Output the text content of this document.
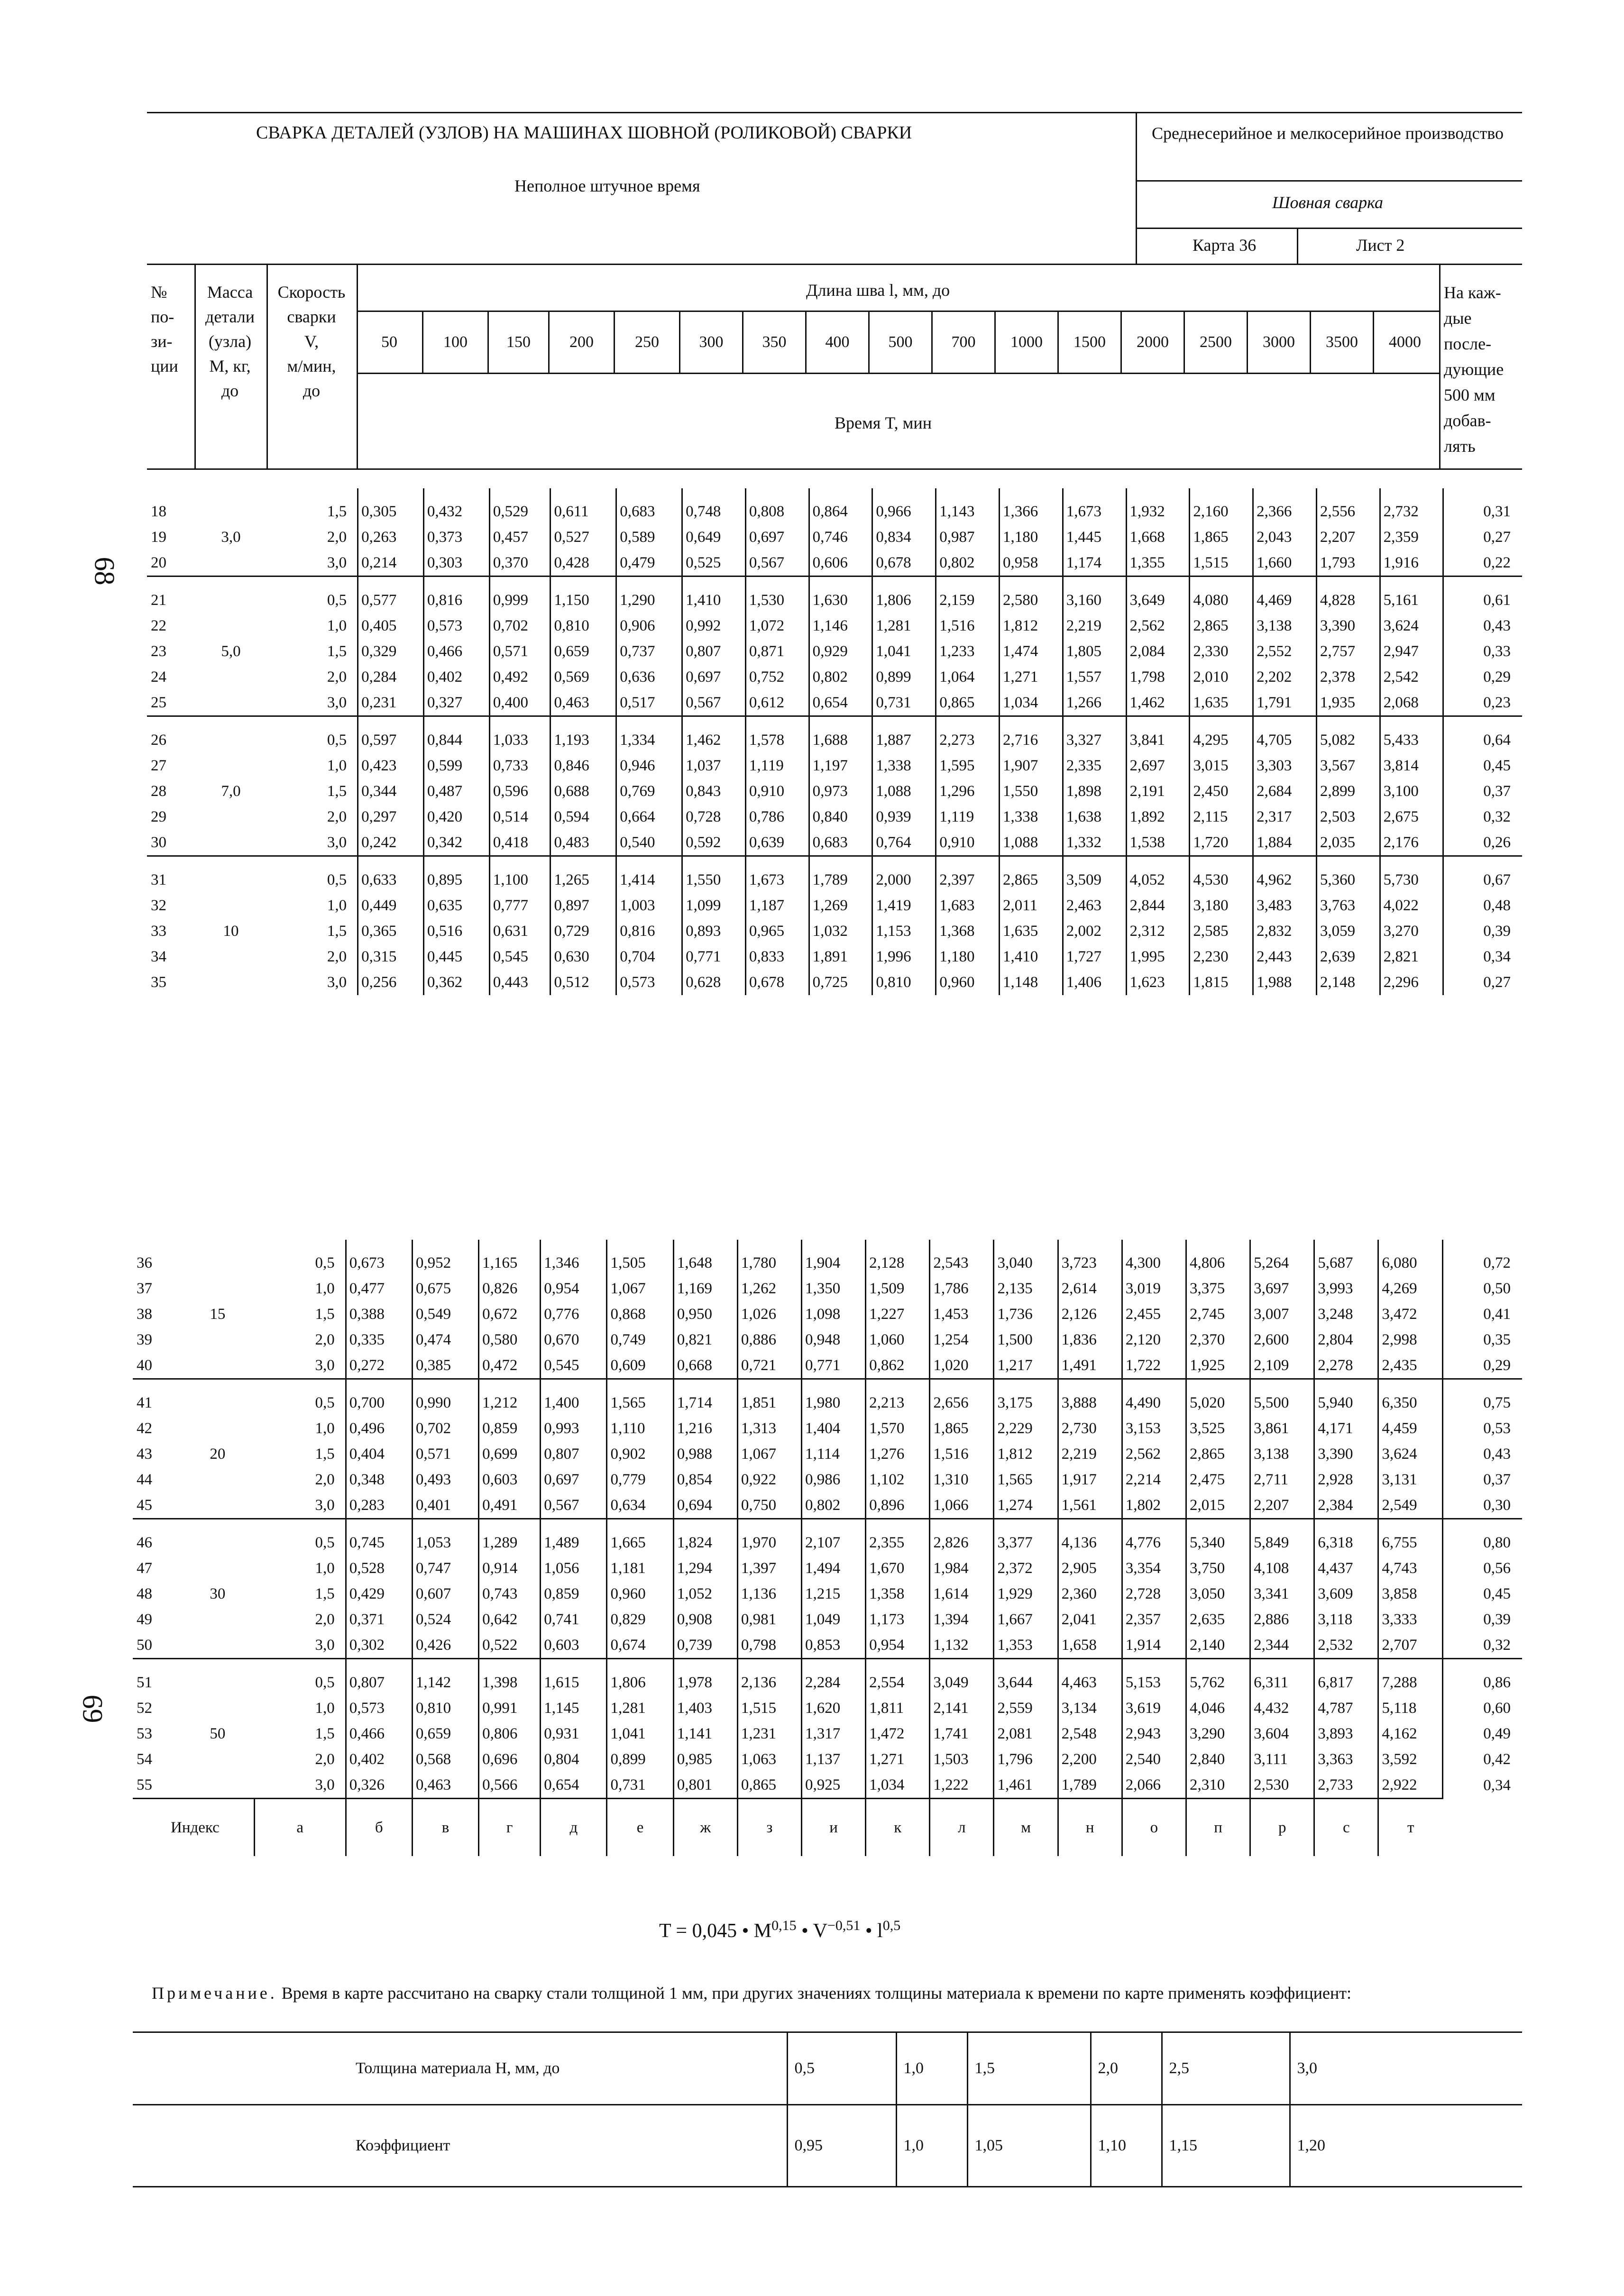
СВАРКА ДЕТАЛЕЙ (УЗЛОВ) НА МАШИНАХ ШОВНОЙ (РОЛИКОВОЙ) СВАРКИ
Неполное штучное время
Среднесерийное и мелкосерийное производство
Шовная сварка
Карта 36	Лист 2
№
по-
зи-
ции
Масса
детали
(узла)
М, кг,
до
Скорость
сварки
V,
м/мин,
до
Длина шва l, мм, до
50	100	150	200	250	300	350	400	500	700	1000	1500	2000	2500	3000	3500	4000
Время T, мин
На каж-
дые
после-
дующие
500 мм
добав-
лять

18		1,5	0,305	0,432	0,529	0,611	0,683	0,748	0,808	0,864	0,966	1,143	1,366	1,673	1,932	2,160	2,366	2,556	2,732	0,31
19	3,0	2,0	0,263	0,373	0,457	0,527	0,589	0,649	0,697	0,746	0,834	0,987	1,180	1,445	1,668	1,865	2,043	2,207	2,359	0,27
20		3,0	0,214	0,303	0,370	0,428	0,479	0,525	0,567	0,606	0,678	0,802	0,958	1,174	1,355	1,515	1,660	1,793	1,916	0,22

21		0,5	0,577	0,816	0,999	1,150	1,290	1,410	1,530	1,630	1,806	2,159	2,580	3,160	3,649	4,080	4,469	4,828	5,161	0,61
22		1,0	0,405	0,573	0,702	0,810	0,906	0,992	1,072	1,146	1,281	1,516	1,812	2,219	2,562	2,865	3,138	3,390	3,624	0,43
23	5,0	1,5	0,329	0,466	0,571	0,659	0,737	0,807	0,871	0,929	1,041	1,233	1,474	1,805	2,084	2,330	2,552	2,757	2,947	0,33
24		2,0	0,284	0,402	0,492	0,569	0,636	0,697	0,752	0,802	0,899	1,064	1,271	1,557	1,798	2,010	2,202	2,378	2,542	0,29
25		3,0	0,231	0,327	0,400	0,463	0,517	0,567	0,612	0,654	0,731	0,865	1,034	1,266	1,462	1,635	1,791	1,935	2,068	0,23

26		0,5	0,597	0,844	1,033	1,193	1,334	1,462	1,578	1,688	1,887	2,273	2,716	3,327	3,841	4,295	4,705	5,082	5,433	0,64
27		1,0	0,423	0,599	0,733	0,846	0,946	1,037	1,119	1,197	1,338	1,595	1,907	2,335	2,697	3,015	3,303	3,567	3,814	0,45
28	7,0	1,5	0,344	0,487	0,596	0,688	0,769	0,843	0,910	0,973	1,088	1,296	1,550	1,898	2,191	2,450	2,684	2,899	3,100	0,37
29		2,0	0,297	0,420	0,514	0,594	0,664	0,728	0,786	0,840	0,939	1,119	1,338	1,638	1,892	2,115	2,317	2,503	2,675	0,32
30		3,0	0,242	0,342	0,418	0,483	0,540	0,592	0,639	0,683	0,764	0,910	1,088	1,332	1,538	1,720	1,884	2,035	2,176	0,26

31		0,5	0,633	0,895	1,100	1,265	1,414	1,550	1,673	1,789	2,000	2,397	2,865	3,509	4,052	4,530	4,962	5,360	5,730	0,67
32		1,0	0,449	0,635	0,777	0,897	1,003	1,099	1,187	1,269	1,419	1,683	2,011	2,463	2,844	3,180	3,483	3,763	4,022	0,48
33	10	1,5	0,365	0,516	0,631	0,729	0,816	0,893	0,965	1,032	1,153	1,368	1,635	2,002	2,312	2,585	2,832	3,059	3,270	0,39
34		2,0	0,315	0,445	0,545	0,630	0,704	0,771	0,833	1,891	1,996	1,180	1,410	1,727	1,995	2,230	2,443	2,639	2,821	0,34
35		3,0	0,256	0,362	0,443	0,512	0,573	0,628	0,678	0,725	0,810	0,960	1,148	1,406	1,623	1,815	1,988	2,148	2,296	0,27
68
69

36		0,5	0,673	0,952	1,165	1,346	1,505	1,648	1,780	1,904	2,128	2,543	3,040	3,723	4,300	4,806	5,264	5,687	6,080	0,72
37		1,0	0,477	0,675	0,826	0,954	1,067	1,169	1,262	1,350	1,509	1,786	2,135	2,614	3,019	3,375	3,697	3,993	4,269	0,50
38	15	1,5	0,388	0,549	0,672	0,776	0,868	0,950	1,026	1,098	1,227	1,453	1,736	2,126	2,455	2,745	3,007	3,248	3,472	0,41
39		2,0	0,335	0,474	0,580	0,670	0,749	0,821	0,886	0,948	1,060	1,254	1,500	1,836	2,120	2,370	2,600	2,804	2,998	0,35
40		3,0	0,272	0,385	0,472	0,545	0,609	0,668	0,721	0,771	0,862	1,020	1,217	1,491	1,722	1,925	2,109	2,278	2,435	0,29

41		0,5	0,700	0,990	1,212	1,400	1,565	1,714	1,851	1,980	2,213	2,656	3,175	3,888	4,490	5,020	5,500	5,940	6,350	0,75
42		1,0	0,496	0,702	0,859	0,993	1,110	1,216	1,313	1,404	1,570	1,865	2,229	2,730	3,153	3,525	3,861	4,171	4,459	0,53
43	20	1,5	0,404	0,571	0,699	0,807	0,902	0,988	1,067	1,114	1,276	1,516	1,812	2,219	2,562	2,865	3,138	3,390	3,624	0,43
44		2,0	0,348	0,493	0,603	0,697	0,779	0,854	0,922	0,986	1,102	1,310	1,565	1,917	2,214	2,475	2,711	2,928	3,131	0,37
45		3,0	0,283	0,401	0,491	0,567	0,634	0,694	0,750	0,802	0,896	1,066	1,274	1,561	1,802	2,015	2,207	2,384	2,549	0,30

46		0,5	0,745	1,053	1,289	1,489	1,665	1,824	1,970	2,107	2,355	2,826	3,377	4,136	4,776	5,340	5,849	6,318	6,755	0,80
47		1,0	0,528	0,747	0,914	1,056	1,181	1,294	1,397	1,494	1,670	1,984	2,372	2,905	3,354	3,750	4,108	4,437	4,743	0,56
48	30	1,5	0,429	0,607	0,743	0,859	0,960	1,052	1,136	1,215	1,358	1,614	1,929	2,360	2,728	3,050	3,341	3,609	3,858	0,45
49		2,0	0,371	0,524	0,642	0,741	0,829	0,908	0,981	1,049	1,173	1,394	1,667	2,041	2,357	2,635	2,886	3,118	3,333	0,39
50		3,0	0,302	0,426	0,522	0,603	0,674	0,739	0,798	0,853	0,954	1,132	1,353	1,658	1,914	2,140	2,344	2,532	2,707	0,32

51		0,5	0,807	1,142	1,398	1,615	1,806	1,978	2,136	2,284	2,554	3,049	3,644	4,463	5,153	5,762	6,311	6,817	7,288	0,86
52		1,0	0,573	0,810	0,991	1,145	1,281	1,403	1,515	1,620	1,811	2,141	2,559	3,134	3,619	4,046	4,432	4,787	5,118	0,60
53	50	1,5	0,466	0,659	0,806	0,931	1,041	1,141	1,231	1,317	1,472	1,741	2,081	2,548	2,943	3,290	3,604	3,893	4,162	0,49
54		2,0	0,402	0,568	0,696	0,804	0,899	0,985	1,063	1,137	1,271	1,503	1,796	2,200	2,540	2,840	3,111	3,363	3,592	0,42
55		3,0	0,326	0,463	0,566	0,654	0,731	0,801	0,865	0,925	1,034	1,222	1,461	1,789	2,066	2,310	2,530	2,733	2,922	0,34
Индекс		а	б	в	г	д	е	ж	з	и	к	л	м	н	о	п	р	с	т	
T = 0,045 • M$^{0,15}$ • $V^{-0,51}$ • $l^{0,5}$
Примечание. Время в карте рассчитано на сварку стали толщиной 1 мм, при других значениях толщины материала к времени по карте применять коэффициент:
Толщина материала H, мм, до	0,5	1,0	1,5	2,0	2,5	3,0
Коэффициент	0,95	1,0	1,05	1,10	1,15	1,20
